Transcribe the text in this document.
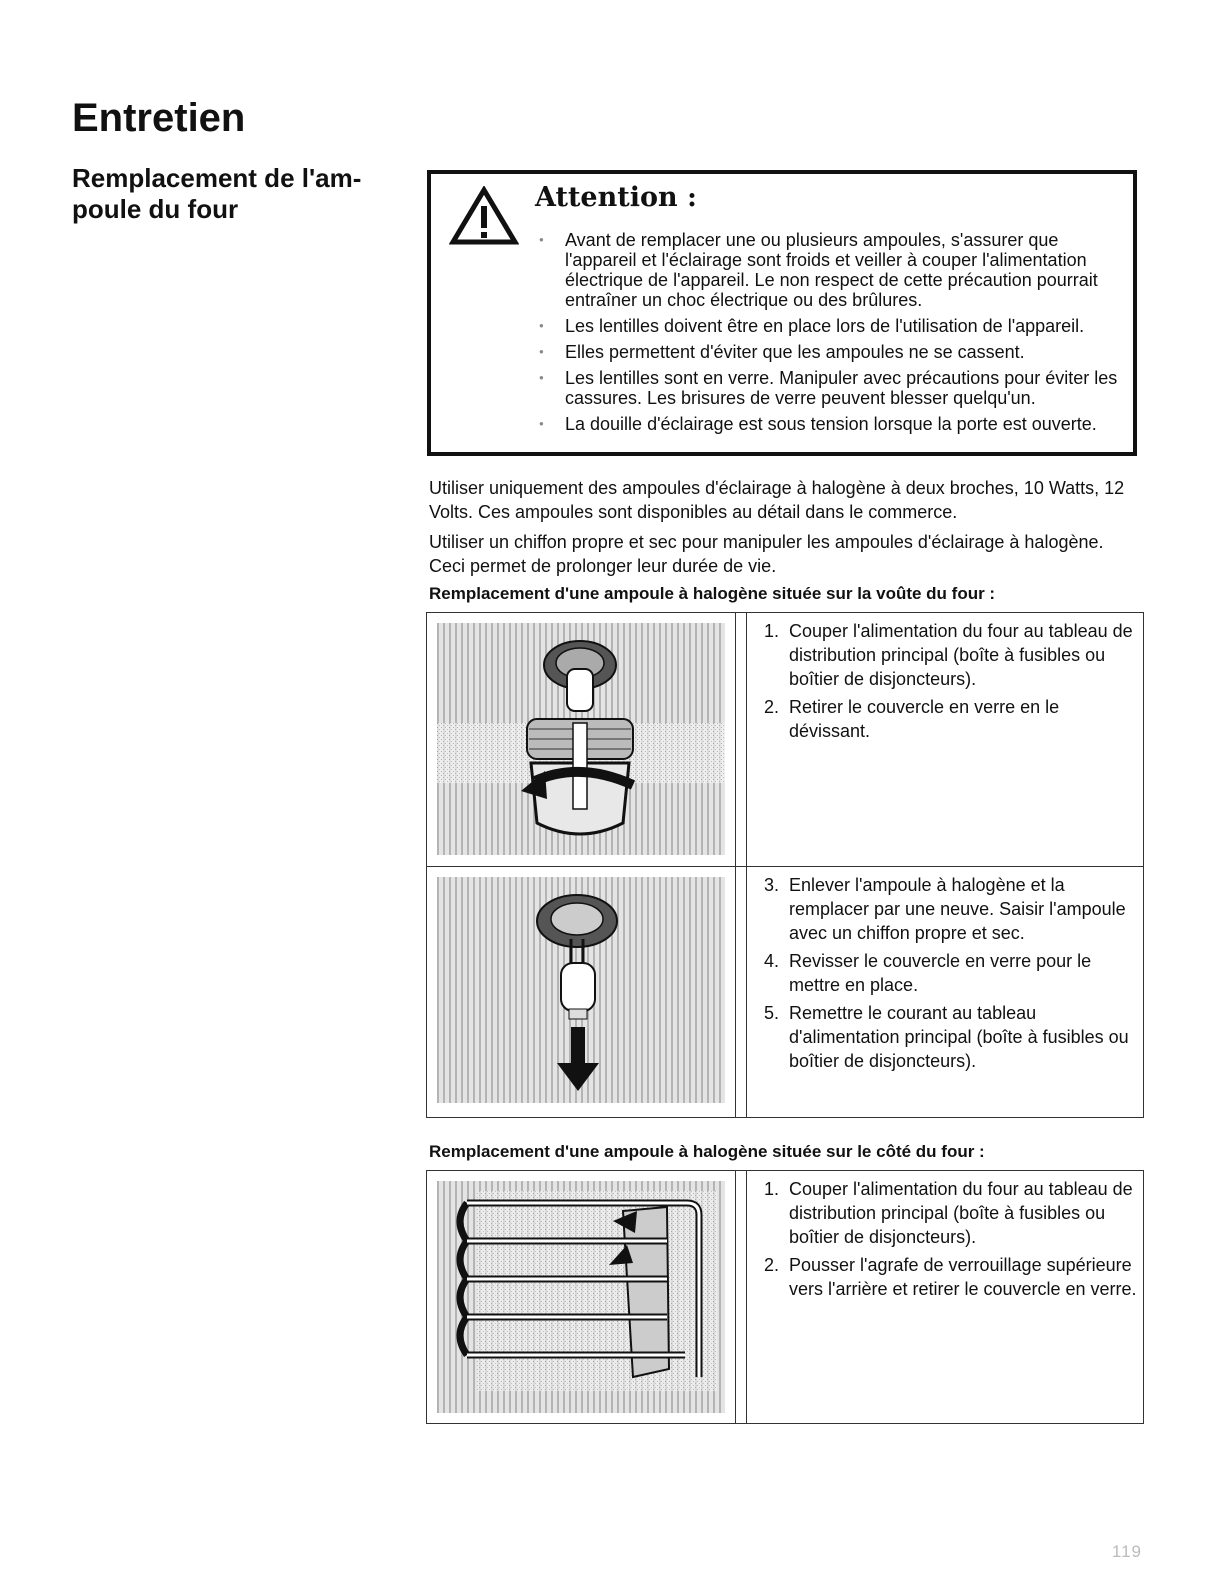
Entretien
Remplacement de l'am- poule du four	Attention :
● Avant de remplacer une ou plusieurs ampoules, s'assurer que l'appareil et l'éclairage sont froids et veiller à couper l'alimentation électrique de l'appareil. Le non respect de cette précaution pourrait entraîner un choc électrique ou des brûlures.
● Les lentilles doivent être en place lors de l'utilisation de l'appareil.
● Elles permettent d'éviter que les ampoules ne se cassent.
● Les lentilles sont en verre. Manipuler avec précautions pour éviter les cassures. Les brisures de verre peuvent blesser quelqu'un.
● La douille d'éclairage est sous tension lorsque la porte est ouverte.

Utiliser uniquement des ampoules d'éclairage à halogène à deux broches, 10 Watts, 12 Volts. Ces ampoules sont disponibles au détail dans le commerce.

Utiliser un chiffon propre et sec pour manipuler les ampoules d'éclairage à halogène. Ceci permet de prolonger leur durée de vie.

Remplacement d'une ampoule à halogène située sur la voûte du four :

1. Couper l'alimentation du four au tableau de distribution principal (boîte à fusibles ou boîtier de disjoncteurs).
2. Retirer le couvercle en verre en le dévissant.
3. Enlever l'ampoule à halogène et la remplacer par une neuve. Saisir l'ampoule avec un chiffon propre et sec.
4. Revisser le couvercle en verre pour le mettre en place.
5. Remettre le courant au tableau d'alimentation principal (boîte à fusibles ou boîtier de disjoncteurs).

Remplacement d'une ampoule à halogène située sur le côté du four :

1. Couper l'alimentation du four au tableau de distribution principal (boîte à fusibles ou boîtier de disjoncteurs).
2. Pousser l'agrafe de verrouillage supérieure vers l'arrière et retirer le couvercle en verre.
119
